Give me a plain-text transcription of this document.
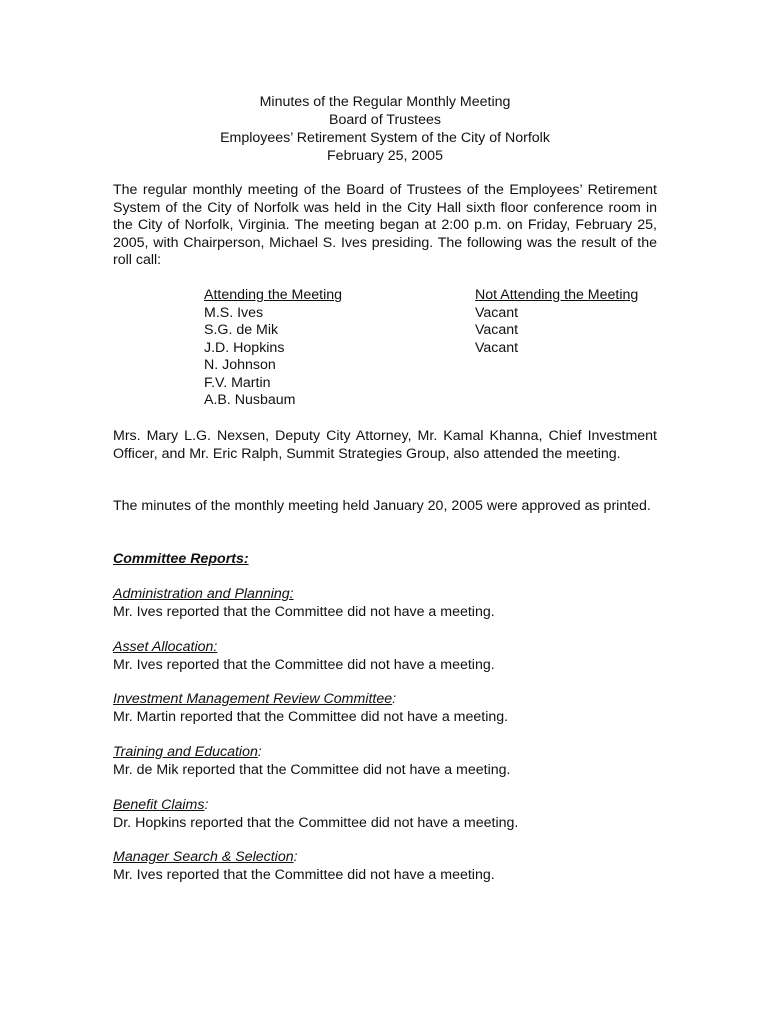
Minutes of the Regular Monthly Meeting
Board of Trustees
Employees’ Retirement System of the City of Norfolk
February 25, 2005
The regular monthly meeting of the Board of Trustees of the Employees’ Retirement System of the City of Norfolk was held in the City Hall sixth floor conference room in the City of Norfolk, Virginia. The meeting began at 2:00 p.m. on Friday, February 25, 2005, with Chairperson, Michael S. Ives presiding. The following was the result of the roll call:
Attending the Meeting
M.S. Ives
S.G. de Mik
J.D. Hopkins
N. Johnson
F.V. Martin
A.B. Nusbaum
Not Attending the Meeting
Vacant
Vacant
Vacant
Mrs. Mary L.G. Nexsen, Deputy City Attorney, Mr. Kamal Khanna, Chief Investment Officer, and Mr. Eric Ralph, Summit Strategies Group, also attended the meeting.
The minutes of the monthly meeting held January 20, 2005 were approved as printed.
Committee Reports:
Administration and Planning:
Mr. Ives reported that the Committee did not have a meeting.
Asset Allocation:
Mr. Ives reported that the Committee did not have a meeting.
Investment Management Review Committee:
Mr. Martin reported that the Committee did not have a meeting.
Training and Education:
Mr. de Mik reported that the Committee did not have a meeting.
Benefit Claims:
Dr. Hopkins reported that the Committee did not have a meeting.
Manager Search & Selection:
Mr. Ives reported that the Committee did not have a meeting.
